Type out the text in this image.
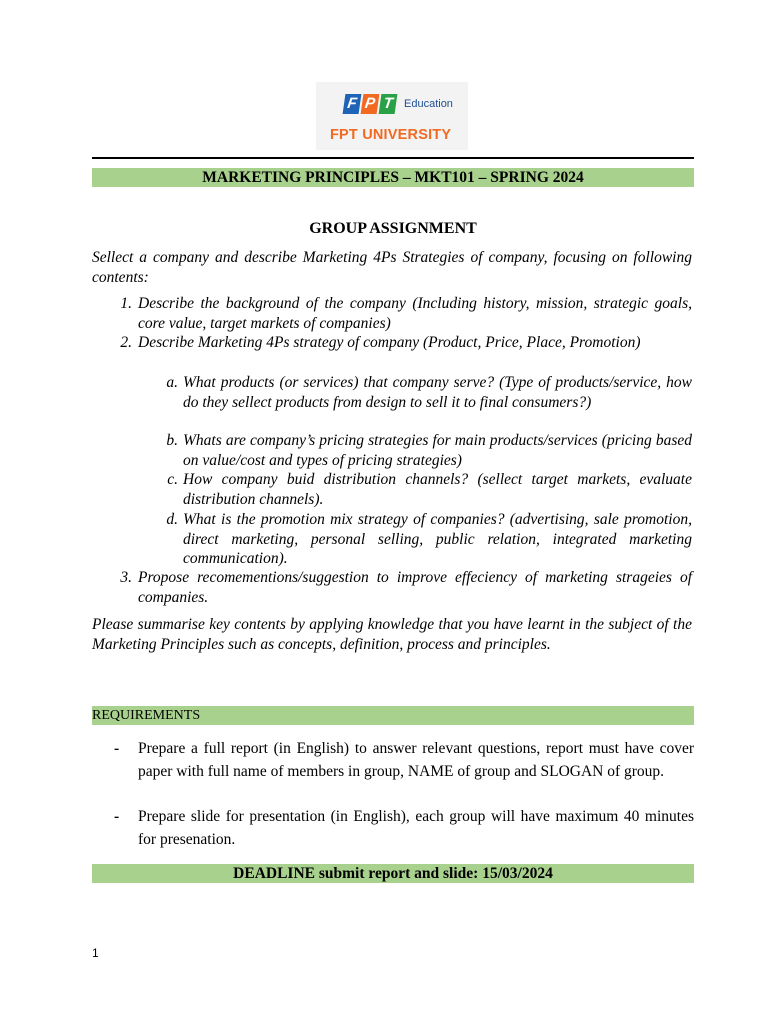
F P T Education
FPT UNIVERSITY
MARKETING PRINCIPLES – MKT101 – SPRING 2024
GROUP ASSIGNMENT
Sellect a company and describe Marketing 4Ps Strategies of company, focusing on following contents:
1. Describe the background of the company (Including history, mission, strategic goals, core value, target markets of companies)
2. Describe Marketing 4Ps strategy of company (Product, Price, Place, Promotion)
a. What products (or services) that company serve? (Type of products/service, how do they sellect products from design to sell it to final consumers?)
b. Whats are company’s pricing strategies for main products/services (pricing based on value/cost and types of pricing strategies)
c. How company buid distribution channels? (sellect target markets, evaluate distribution channels).
d. What is the promotion mix strategy of companies? (advertising, sale promotion, direct marketing, personal selling, public relation, integrated marketing communication).
3. Propose recomementions/suggestion to improve effeciency of marketing strageies of companies.
Please summarise key contents by applying knowledge that you have learnt in the subject of the Marketing Principles such as concepts, definition, process and principles.
REQUIREMENTS
- Prepare a full report (in English) to answer relevant questions, report must have cover paper with full name of members in group, NAME of group and SLOGAN of group.
- Prepare slide for presentation (in English), each group will have maximum 40 minutes for presenation.
DEADLINE submit report and slide: 15/03/2024
1
